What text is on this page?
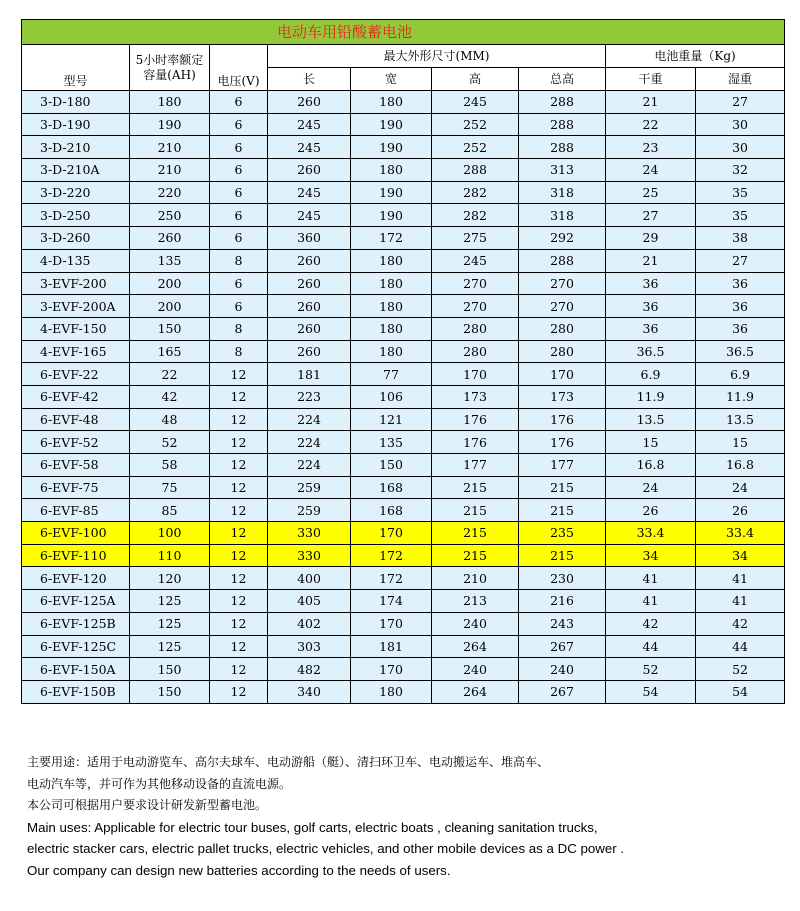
电动车用铅酸蓄电池								
型号	5小时率额定容量(AH)	电压(V)	最大外形尺寸(MM)				电池重量（Kg)	
			长	宽	高	总高	干重	湿重
3-D-180	180	6	260	180	245	288	21	27
3-D-190	190	6	245	190	252	288	22	30
3-D-210	210	6	245	190	252	288	23	30
3-D-210A	210	6	260	180	288	313	24	32
3-D-220	220	6	245	190	282	318	25	35
3-D-250	250	6	245	190	282	318	27	35
3-D-260	260	6	360	172	275	292	29	38
4-D-135	135	8	260	180	245	288	21	27
3-EVF-200	200	6	260	180	270	270	36	36
3-EVF-200A	200	6	260	180	270	270	36	36
4-EVF-150	150	8	260	180	280	280	36	36
4-EVF-165	165	8	260	180	280	280	36.5	36.5
6-EVF-22	22	12	181	77	170	170	6.9	6.9
6-EVF-42	42	12	223	106	173	173	11.9	11.9
6-EVF-48	48	12	224	121	176	176	13.5	13.5
6-EVF-52	52	12	224	135	176	176	15	15
6-EVF-58	58	12	224	150	177	177	16.8	16.8
6-EVF-75	75	12	259	168	215	215	24	24
6-EVF-85	85	12	259	168	215	215	26	26
6-EVF-100	100	12	330	170	215	235	33.4	33.4
6-EVF-110	110	12	330	172	215	215	34	34
6-EVF-120	120	12	400	172	210	230	41	41
6-EVF-125A	125	12	405	174	213	216	41	41
6-EVF-125B	125	12	402	170	240	243	42	42
6-EVF-125C	125	12	303	181	264	267	44	44
6-EVF-150A	150	12	482	170	240	240	52	52
6-EVF-150B	150	12	340	180	264	267	54	54
主要用途：适用于电动游览车、高尔夫球车、电动游船（艇）、清扫环卫车、电动搬运车、堆高车、
电动汽车等，并可作为其他移动设备的直流电源。
本公司可根据用户要求设计研发新型蓄电池。
Main uses: Applicable for electric tour buses, golf carts, electric boats , cleaning sanitation trucks,
electric stacker cars, electric pallet trucks, electric vehicles, and other mobile devices as a DC power .
Our company can design new batteries according to the needs of users.
